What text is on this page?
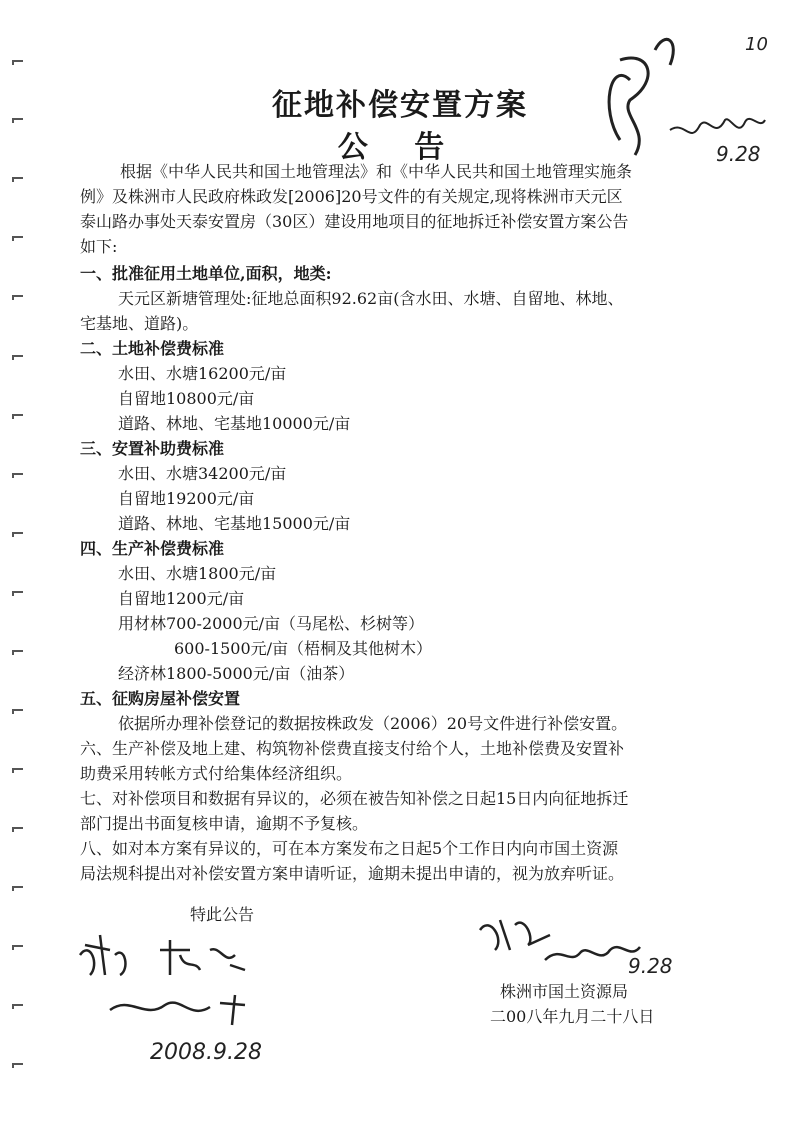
10
9.28
征地补偿安置方案
公 告
根据《中华人民共和国土地管理法》和《中华人民共和国土地管理实施条
例》及株洲市人民政府株政发[2006]20号文件的有关规定,现将株洲市天元区
泰山路办事处天泰安置房（30区）建设用地项目的征地拆迁补偿安置方案公告
如下:
一、批准征用土地单位,面积，地类:
天元区新塘管理处:征地总面积92.62亩(含水田、水塘、自留地、林地、
宅基地、道路)。
二、土地补偿费标准
水田、水塘16200元/亩
自留地10800元/亩
道路、林地、宅基地10000元/亩
三、安置补助费标准
水田、水塘34200元/亩
自留地19200元/亩
道路、林地、宅基地15000元/亩
四、生产补偿费标准
水田、水塘1800元/亩
自留地1200元/亩
用材林700-2000元/亩（马尾松、杉树等）
600-1500元/亩（梧桐及其他树木）
经济林1800-5000元/亩（油茶）
五、征购房屋补偿安置
依据所办理补偿登记的数据按株政发（2006）20号文件进行补偿安置。
六、生产补偿及地上建、构筑物补偿费直接支付给个人，土地补偿费及安置补
助费采用转帐方式付给集体经济组织。
七、对补偿项目和数据有异议的，必须在被告知补偿之日起15日内向征地拆迁
部门提出书面复核申请，逾期不予复核。
八、如对本方案有异议的，可在本方案发布之日起5个工作日内向市国土资源
局法规科提出对补偿安置方案申请听证，逾期未提出申请的，视为放弃听证。
特此公告
2008.9.28
9.28
株洲市国土资源局
二00八年九月二十八日
